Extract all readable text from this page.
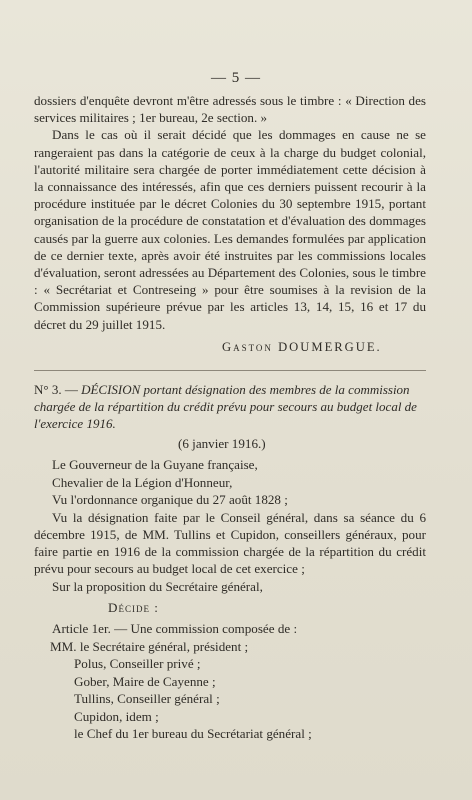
— 5 —

dossiers d'enquête devront m'être adressés sous le timbre : « Direction des services militaires ; 1er bureau, 2e section. »

Dans le cas où il serait décidé que les dommages en cause ne se rangeraient pas dans la catégorie de ceux à la charge du budget colonial, l'autorité militaire sera chargée de porter immédiatement cette décision à la connaissance des intéressés, afin que ces derniers puissent recourir à la procédure instituée par le décret Colonies du 30 septembre 1915, portant organisation de la procédure de constatation et d'évaluation des dommages causés par la guerre aux colonies. Les demandes formulées par application de ce dernier texte, après avoir été instruites par les commissions locales d'évaluation, seront adressées au Département des Colonies, sous le timbre : « Secrétariat et Contreseing » pour être soumises à la revision de la Commission supérieure prévue par les articles 13, 14, 15, 16 et 17 du décret du 29 juillet 1915.

Gaston DOUMERGUE.

N° 3. — DÉCISION portant désignation des membres de la commission chargée de la répartition du crédit prévu pour secours au budget local de l'exercice 1916.

(6 janvier 1916.)

Le Gouverneur de la Guyane française,

Chevalier de la Légion d'Honneur,

Vu l'ordonnance organique du 27 août 1828 ;

Vu la désignation faite par le Conseil général, dans sa séance du 6 décembre 1915, de MM. Tullins et Cupidon, conseillers généraux, pour faire partie en 1916 de la commission chargée de la répartition du crédit prévu pour secours au budget local de cet exercice ;

Sur la proposition du Secrétaire général,

Décide :

Article 1er. — Une commission composée de :

MM. le Secrétaire général, président ;

Polus, Conseiller privé ;

Gober, Maire de Cayenne ;

Tullins, Conseiller général ;

Cupidon, idem ;

le Chef du 1er bureau du Secrétariat général ;
